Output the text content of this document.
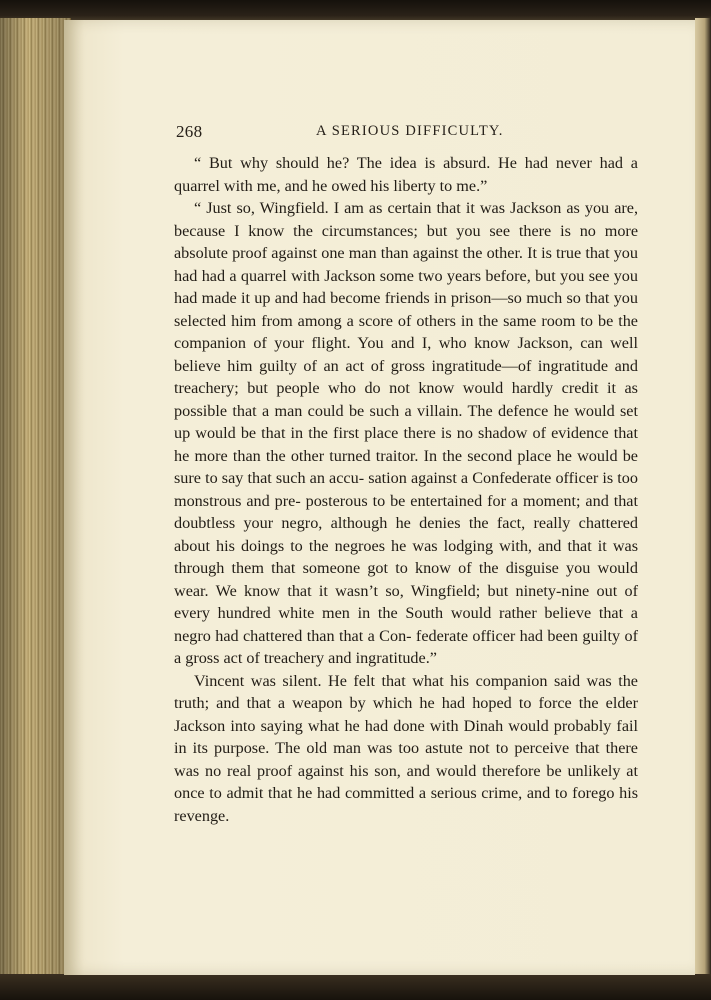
268	A SERIOUS DIFFICULTY.

“ But why should he? The idea is absurd. He had never had a quarrel with me, and he owed his liberty to me.”

“ Just so, Wingfield. I am as certain that it was Jackson as you are, because I know the circumstances; but you see there is no more absolute proof against one man than against the other. It is true that you had had a quarrel with Jackson some two years before, but you see you had made it up and had become friends in prison—so much so that you selected him from among a score of others in the same room to be the companion of your flight. You and I, who know Jackson, can well believe him guilty of an act of gross ingratitude—of ingratitude and treachery; but people who do not know would hardly credit it as possible that a man could be such a villain. The defence he would set up would be that in the first place there is no shadow of evidence that he more than the other turned traitor. In the second place he would be sure to say that such an accu- sation against a Confederate officer is too monstrous and pre- posterous to be entertained for a moment; and that doubtless your negro, although he denies the fact, really chattered about his doings to the negroes he was lodging with, and that it was through them that someone got to know of the disguise you would wear. We know that it wasn’t so, Wingfield; but ninety-nine out of every hundred white men in the South would rather believe that a negro had chattered than that a Con- federate officer had been guilty of a gross act of treachery and ingratitude.”

Vincent was silent. He felt that what his companion said was the truth; and that a weapon by which he had hoped to force the elder Jackson into saying what he had done with Dinah would probably fail in its purpose. The old man was too astute not to perceive that there was no real proof against his son, and would therefore be unlikely at once to admit that he had committed a serious crime, and to forego his revenge.
